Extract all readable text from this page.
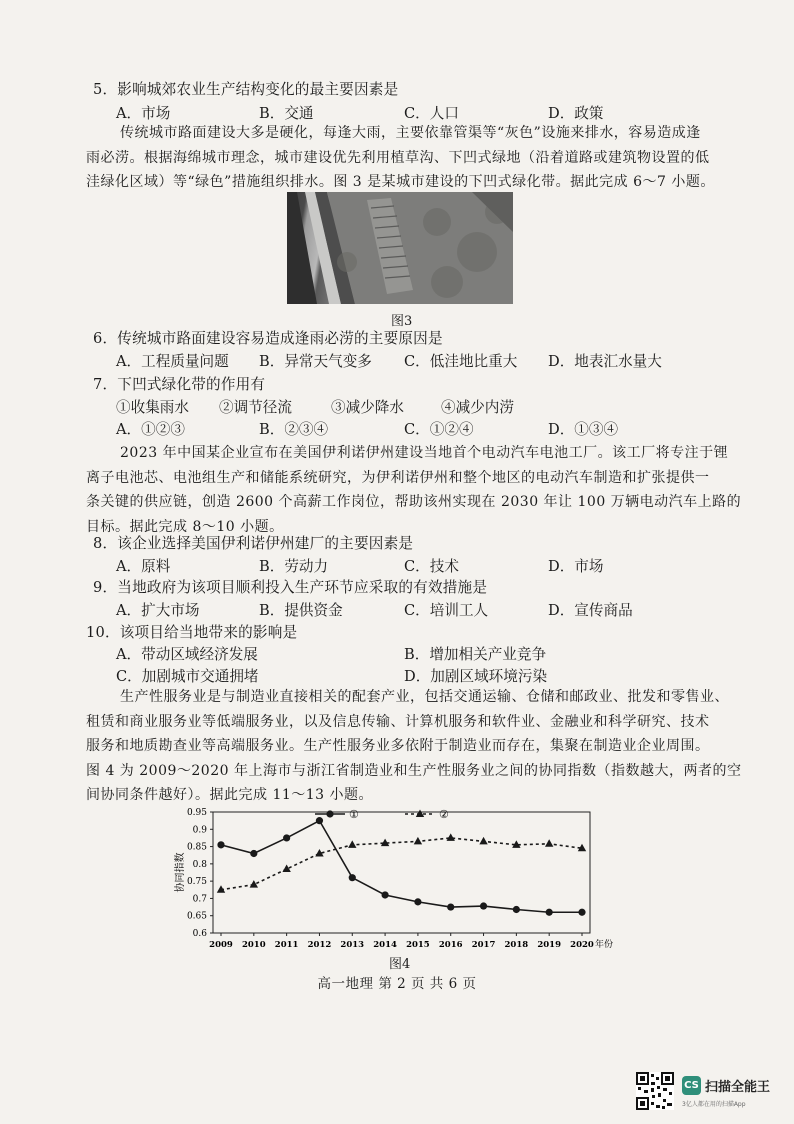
5．影响城郊农业生产结构变化的最主要因素是
A．市场	B．交通	C．人口	D．政策
传统城市路面建设大多是硬化，每逢大雨，主要依靠管渠等“灰色”设施来排水，容易造成逢
雨必涝。根据海绵城市理念，城市建设优先利用植草沟、下凹式绿地（沿着道路或建筑物设置的低
洼绿化区域）等“绿色”措施组织排水。图 3 是某城市建设的下凹式绿化带。据此完成 6～7 小题。
图3
6．传统城市路面建设容易造成逢雨必涝的主要原因是
A．工程质量问题 B．异常天气变多 C．低洼地比重大 D．地表汇水量大
7．下凹式绿化带的作用有
①收集雨水 ②调节径流	③减少降水	④减少内涝
A．①②③	B．②③④	C．①②④	D．①③④
2023 年中国某企业宣布在美国伊利诺伊州建设当地首个电动汽车电池工厂。该工厂将专注于锂
离子电池芯、电池组生产和储能系统研究，为伊利诺伊州和整个地区的电动汽车制造和扩张提供一
条关键的供应链，创造 2600 个高薪工作岗位，帮助该州实现在 2030 年让 100 万辆电动汽车上路的
目标。据此完成 8～10 小题。
8．该企业选择美国伊利诺伊州建厂的主要因素是
A．原料	B．劳动力	C．技术	D．市场
9．当地政府为该项目顺利投入生产环节应采取的有效措施是
A．扩大市场	B．提供资金	C．培训工人	D．宣传商品
10．该项目给当地带来的影响是
A．带动区域经济发展	B．增加相关产业竞争
C．加剧城市交通拥堵	D．加剧区域环境污染
生产性服务业是与制造业直接相关的配套产业，包括交通运输、仓储和邮政业、批发和零售业、
租赁和商业服务业等低端服务业，以及信息传输、计算机服务和软件业、金融业和科学研究、技术
服务和地质勘查业等高端服务业。生产性服务业多依附于制造业而存在，集聚在制造业企业周围。
图 4 为 2009～2020 年上海市与浙江省制造业和生产性服务业之间的协同指数（指数越大，两者的空
间协同条件越好）。据此完成 11～13 小题。
0.95
0.9
0.85
0.8
0.75
0.7
0.65
0.6
2009 2010 2011 2012 2013 2014 2015 2016 2017 2018 2019 2020 年份
协同指数
①	②
图4
高一地理 第 2 页 共 6 页
CS 扫描全能王
3亿人都在用的扫描App
